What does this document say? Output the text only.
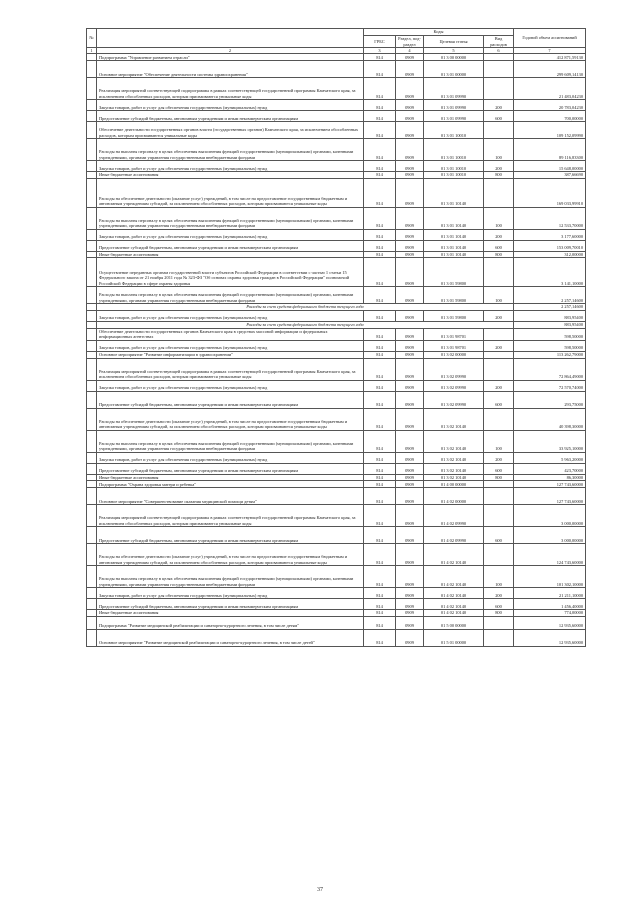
№		Коды				Годовой объем ассигнований
		ГРБС	Раздел, под-раздел	Целевая статья	Вид расходов	
1	2	3	4	5	6	7
	Подпрограмма "Управление развитием отрасли"	814	0909	01 3 00 00000		412 871,59130
	Основное мероприятие "Обеспечение деятельности системы здравоохранения"	814	0909	01 3 01 00000		299 609,14130
	Реализация мероприятий соответствующей подпрограммы в рамках соответствующей государственной программы Камчатского края, за исключением обособленных расходов, которым присваиваются уникальные коды	814	0909	01 3 01 09990		21 483,04230
	Закупка товаров, работ и услуг для обеспечения государственных (муниципальных) нужд	814	0909	01 3 01 09990	200	20 783,04230
	Предоставление субсидий бюджетным, автономным учреждениям и иным некоммерческим организациям	814	0909	01 3 01 09990	600	700,00000
	Обеспечение деятельности государственных органов власти (государственных органов) Камчатского края, за исключением обособленных расходов, которым присваиваются уникальные коды	814	0909	01 3 01 10010		109 152,09990
	Расходы на выплаты персоналу в целях обеспечения выполнения функций государственными (муниципальными) органами, казенными учреждениями, органами управления государственными внебюджетными фондами	814	0909	01 3 01 10010	100	89 116,83300
	Закупка товаров, работ и услуг для обеспечения государственных (муниципальных) нужд	814	0909	01 3 01 10010	200	15 648,00000
	Иные бюджетные ассигнования	814	0909	01 3 01 10010	800	387,66690
	Расходы на обеспечение деятельности (оказание услуг) учреждений, в том числе на предоставление государственным бюджетным и автономным учреждениям субсидий, за исключением обособленных расходов, которым присваиваются уникальные коды	814	0909	01 3 01 10140		169 033,99910
	Расходы на выплаты персоналу в целях обеспечения выполнения функций государственными (муниципальными) органами, казенными учреждениями, органами управления государственными внебюджетными фондами	814	0909	01 3 01 10140	100	12 533,70000
	Закупка товаров, работ и услуг для обеспечения государственных (муниципальных) нужд	814	0909	01 3 01 10140	200	3 177,60000
	Предоставление субсидий бюджетным, автономным учреждениям и иным некоммерческим организациям	814	0909	01 3 01 10140	600	153 009,70010
	Иные бюджетные ассигнования	814	0909	01 3 01 10140	800	312,00000
	Осуществление переданных органам государственной власти субъектов Российской Федерации в соответствии с частью 1 статьи 15 Федерального закона от 21 ноября 2011 года № 323-ФЗ "Об основах охраны здоровья граждан в Российской Федерации" полномочий Российской Федерации в сфере охраны здоровья	814	0909	01 3 01 59800		3 141,10000
	Расходы на выплаты персоналу в целях обеспечения выполнения функций государственными (муниципальными) органами, казенными учреждениями, органами управления государственными внебюджетными фондами	814	0909	01 3 01 59800	100	2 257,14600
	Расходы за счет средств федерального бюджета текущего года					2 257,14600
	Закупка товаров, работ и услуг для обеспечения государственных (муниципальных) нужд	814	0909	01 3 01 59800	200	883,95400
	Расходы за счет средств федерального бюджета текущего года					883,95400
	Обеспечение деятельности государственных органов Камчатского края в средствах массовой информации и федеральных информационных агентствах	814	0909	01 3 01 98701		598,50000
	Закупка товаров, работ и услуг для обеспечения государственных (муниципальных) нужд	814	0909	01 3 01 98701	200	598,50000
	Основное мероприятие "Развитие информатизации в здравоохранении"	814	0909	01 3 02 00000		113 262,79000
	Реализация мероприятий соответствующей подпрограммы в рамках соответствующей государственной программы Камчатского края, за исключением обособленных расходов, которым присваиваются уникальные коды	814	0909	01 3 02 09990		72 864,49000
	Закупка товаров, работ и услуг для обеспечения государственных (муниципальных) нужд	814	0909	01 3 02 09990	200	72 570,74000
	Предоставление субсидий бюджетным, автономным учреждениям и иным некоммерческим организациям	814	0909	01 3 02 09990	600	293,75000
	Расходы на обеспечение деятельности (оказание услуг) учреждений, в том числе на предоставление государственным бюджетным и автономным учреждениям субсидий, за исключением обособленных расходов, которым присваиваются уникальные коды	814	0909	01 3 02 10140		40 398,30000
	Расходы на выплаты персоналу в целях обеспечения выполнения функций государственными (муниципальными) органами, казенными учреждениями, органами управления государственными внебюджетными фондами	814	0909	01 3 02 10140	100	33 925,10000
	Закупка товаров, работ и услуг для обеспечения государственных (муниципальных) нужд	814	0909	01 3 02 10140	200	5 963,20000
	Предоставление субсидий бюджетным, автономным учреждениям и иным некоммерческим организациям	814	0909	01 3 02 10140	600	423,70000
	Иные бюджетные ассигнования	814	0909	01 3 02 10140	800	86,30000
	Подпрограмма "Охрана здоровья матери и ребенка"	814	0909	01 4 00 00000		127 743,60000
	Основное мероприятие "Совершенствование оказания медицинской помощи детям"	814	0909	01 4 02 00000		127 743,60000
	Реализация мероприятий соответствующей подпрограммы в рамках соответствующей государственной программы Камчатского края, за исключением обособленных расходов, которым присваиваются уникальные коды	814	0909	01 4 02 09990		3 000,00000
	Предоставление субсидий бюджетным, автономным учреждениям и иным некоммерческим организациям	814	0909	01 4 02 09990	600	3 000,00000
	Расходы на обеспечение деятельности (оказание услуг) учреждений, в том числе на предоставление государственным бюджетным и автономным учреждениям субсидий, за исключением обособленных расходов, которым присваиваются уникальные коды	814	0909	01 4 02 10140		124 743,60000
	Расходы на выплаты персоналу в целях обеспечения выполнения функций государственными (муниципальными) органами, казенными учреждениями, органами управления государственными внебюджетными фондами	814	0909	01 4 02 10140	100	101 302,10000
	Закупка товаров, работ и услуг для обеспечения государственных (муниципальных) нужд	814	0909	01 4 02 10140	200	21 211,10000
	Предоставление субсидий бюджетным, автономным учреждениям и иным некоммерческим организациям	814	0909	01 4 02 10140	600	1 456,40000
	Иные бюджетные ассигнования	814	0909	01 4 02 10140	800	774,00000
	Подпрограмма "Развитие медицинской реабилитации и санаторно-курортного лечения, в том числе детям"	814	0909	01 5 00 00000		12 935,60000
	Основное мероприятие "Развитие медицинской реабилитации и санаторно-курортного лечения, в том числе детей"	814	0909	01 5 01 00000		12 935,60000
37
